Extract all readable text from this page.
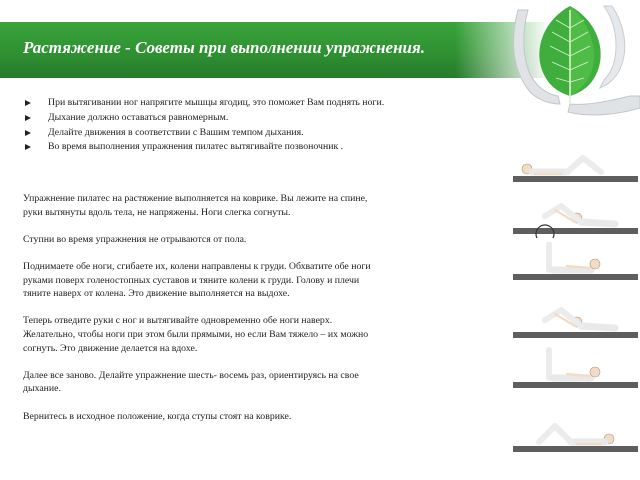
Растяжение - Советы при выполнении упражнения.
При вытягивании ног напрягите мышцы ягодиц, это поможет Вам поднять ноги.
Дыхание должно оставаться равномерным.
Делайте движения в соответствии с Вашим темпом дыхания.
Во время выполнения упражнения пилатес вытягивайте позвоночник .

Упражнение пилатес на растяжение выполняется на коврике. Вы лежите на спине,

руки вытянуты вдоль тела, не напряжены. Ноги слегка согнуты.

Ступни во время упражнения не отрываются от пола.

Поднимаете обе ноги, сгибаете их, колени направлены к груди. Обхватите обе ноги

руками поверх голеностопных суставов и тяните колени к груди. Голову и плечи

тяните наверх от колена. Это движение выполняется на выдохе.

Теперь отведите руки с ног и вытягивайте одновременно обе ноги наверх.

Желательно, чтобы ноги при этом были прямыми, но если Вам тяжело – их можно

согнуть. Это движение делается на вдохе.

Далее все заново. Делайте упражнение шесть- восемь раз, ориентируясь на свое

дыхание.

Вернитесь в исходное положение, когда ступы стоят на коврике.
